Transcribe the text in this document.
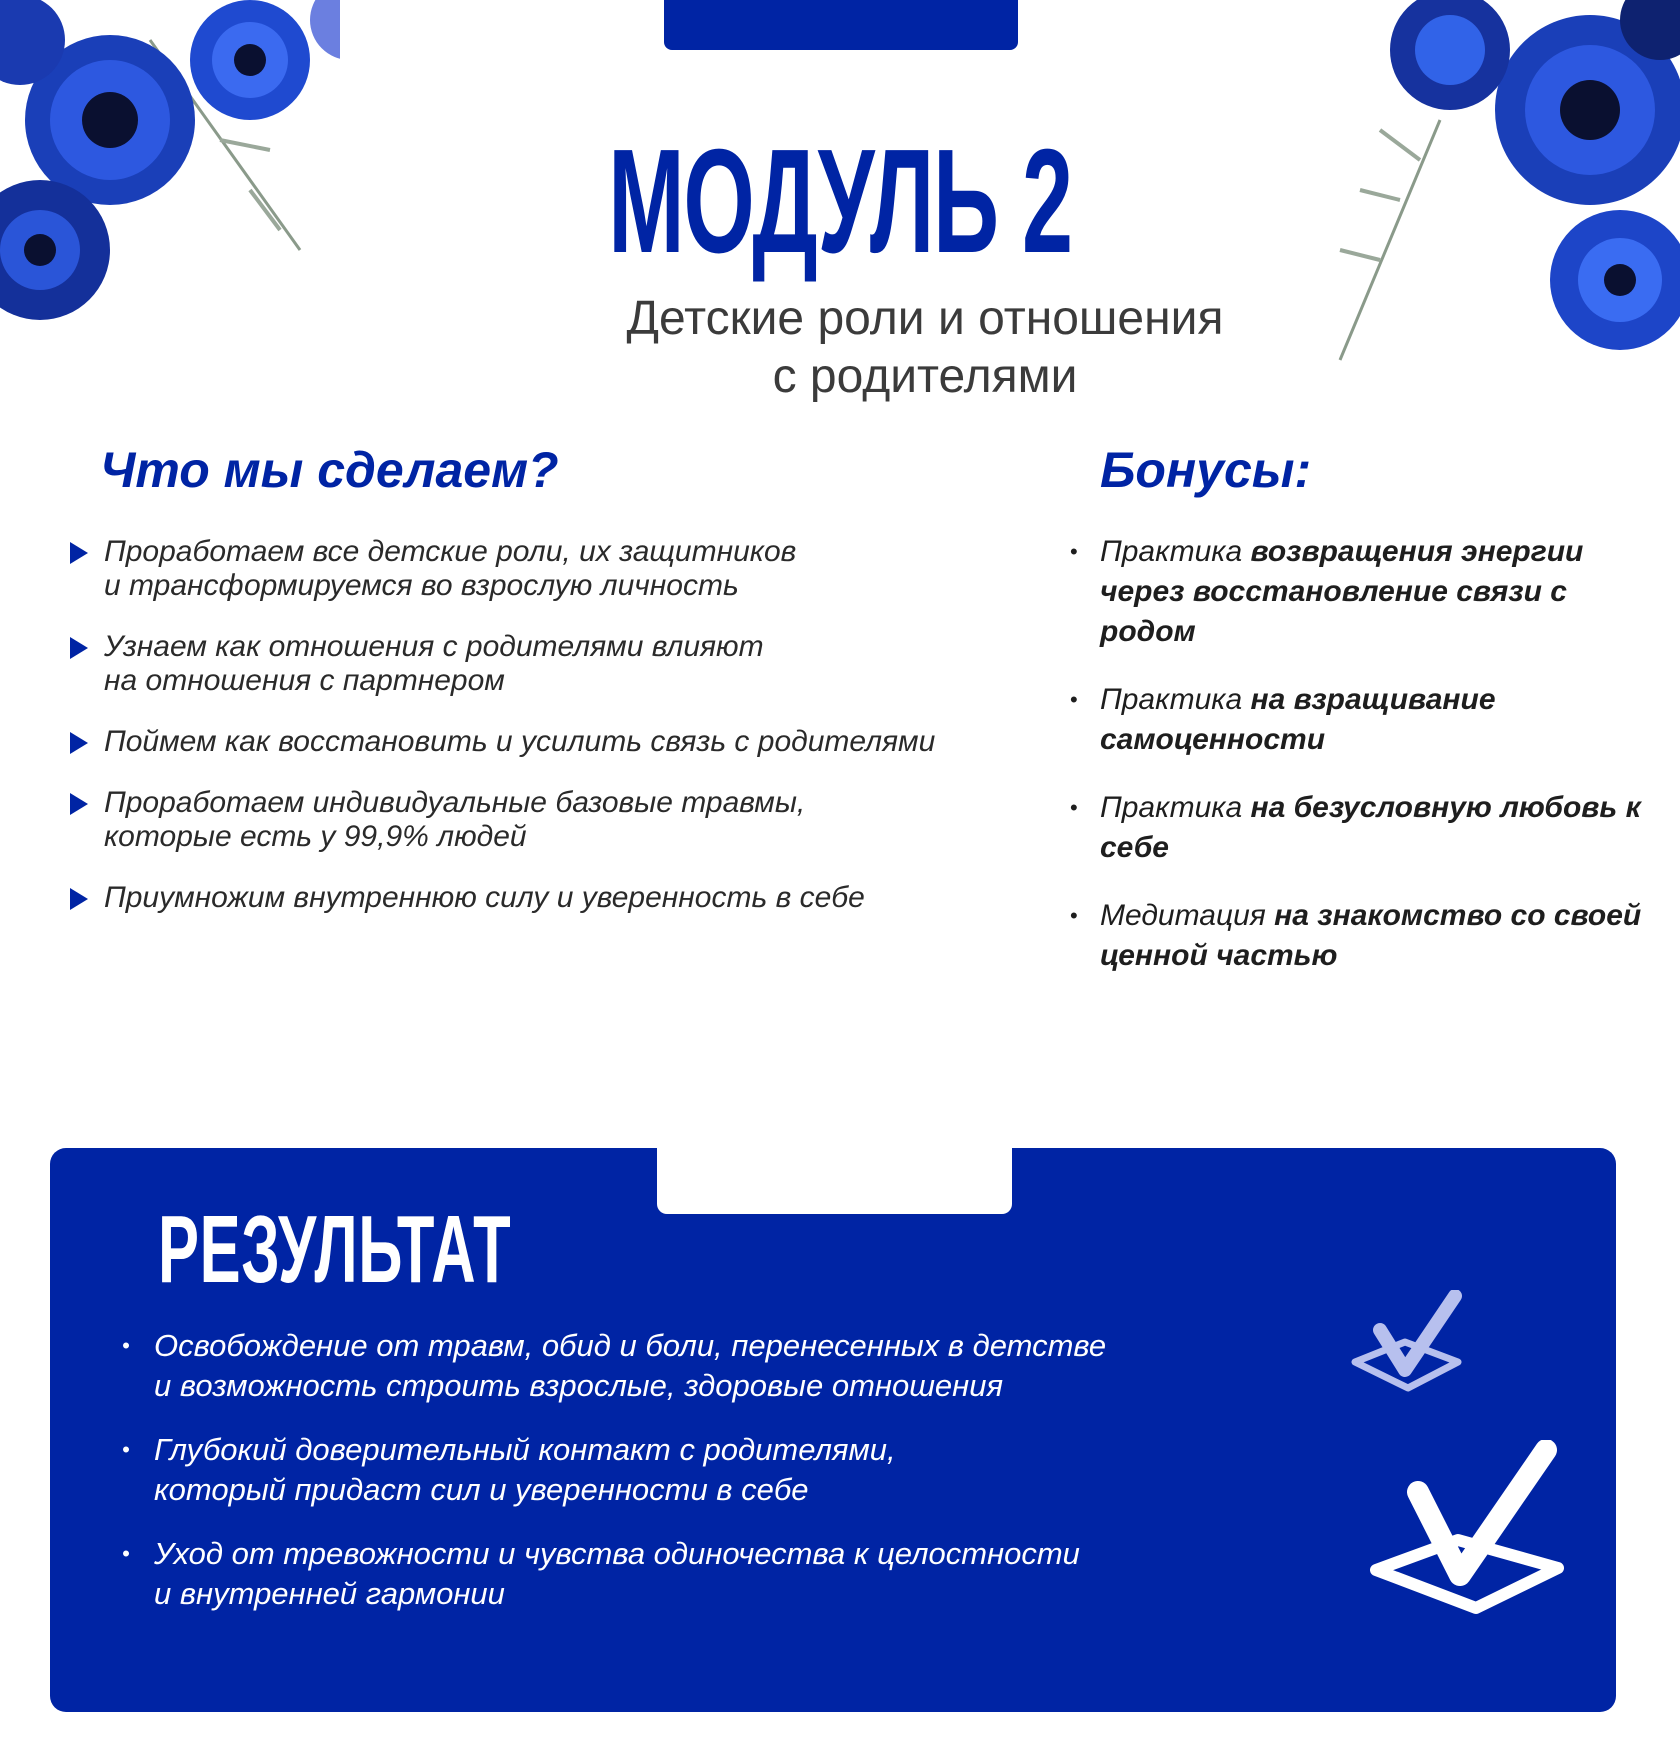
МОДУЛЬ 2
Детские роли и отношения
с родителями
Что мы сделаем?
Проработаем все детские роли, их защитников
и трансформируемся во взрослую личность
Узнаем как отношения с родителями влияют
на отношения с партнером
Поймем как восстановить и усилить связь с родителями
Проработаем индивидуальные базовые травмы,
которые есть у 99,9% людей
Приумножим внутреннюю силу и уверенность в себе
Бонусы:
• Практика возвращения энергии через восстановление связи с родом
• Практика на взращивание самоценности
• Практика на безусловную любовь к себе
• Медитация на знакомство со своей ценной частью
РЕЗУЛЬТАТ
• Освобождение от травм, обид и боли, перенесенных в детстве
и возможность строить взрослые, здоровые отношения
• Глубокий доверительный контакт с родителями,
который придаст сил и уверенности в себе
• Уход от тревожности и чувства одиночества к целостности
и внутренней гармонии
